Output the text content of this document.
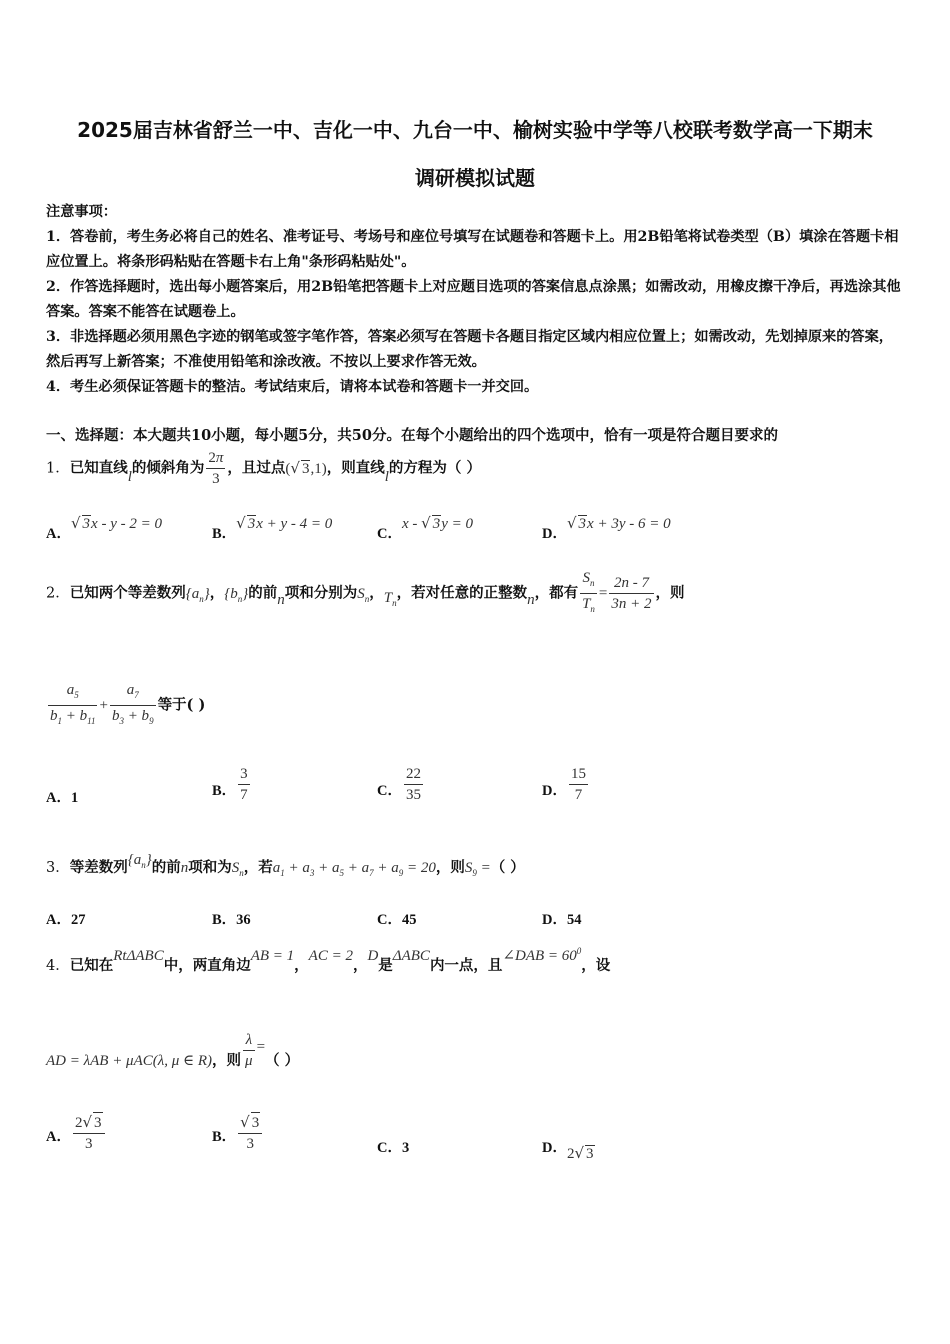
2025届吉林省舒兰一中、吉化一中、九台一中、榆树实验中学等八校联考数学高一下期末
调研模拟试题

注意事项：

1．答卷前，考生务必将自己的姓名、准考证号、考场号和座位号填写在试题卷和答题卡上。用2B铅笔将试卷类型（B）填涂在答题卡相应位置上。将条形码粘贴在答题卡右上角"条形码粘贴处"。

2．作答选择题时，选出每小题答案后，用2B铅笔把答题卡上对应题目选项的答案信息点涂黑；如需改动，用橡皮擦干净后，再选涂其他答案。答案不能答在试题卷上。

3．非选择题必须用黑色字迹的钢笔或签字笔作答，答案必须写在答题卡各题目指定区域内相应位置上；如需改动，先划掉原来的答案，然后再写上新答案；不准使用铅笔和涂改液。不按以上要求作答无效。

4．考生必须保证答题卡的整洁。考试结束后，请将本试卷和答题卡一并交回。

一、选择题：本大题共10小题，每小题5分，共50分。在每个小题给出的四个选项中，恰有一项是符合题目要求的
1．已知直线l的倾斜角为 $\frac{2\pi}{3}$ ，且过点(√ 3,1)，则直线l的方程为（ ）
A．√ 3x - y - 2 = 0
B．√ 3x + y - 4 = 0
C．x - √ 3y = 0
D．√ 3x + 3y - 6 = 0
2．已知两个等差数列$\{a_n\}$，$\{b_n\}$的前n项和分别为$S_n$，$T_n$，若对任意的正整数n，都有 $\frac{S_n}{T_n} = \frac{2n - 7}{3n + 2}$ ，则
$\frac{a_5}{b_1 + b_{11}} + \frac{a_7}{b_3 + b_9}$ 等于( )
A．1	B． $\frac{3}{7}$	C． $\frac{22}{35}$	D． $\frac{15}{7}$
3．等差数列$\{a_n\}$的前n项和为$S_n$，若$a_1 + a_3 + a_5 + a_7 + a_9 = 20$，则$S_9$ =（ ）
A．27	B．36	C．45	D．54
4．已知在RtΔABC中，两直角边AB = 1，AC = 2，D是ΔABC内一点，且∠DAB = $60^0$，设
AD = λAB + μAC(λ, μ ∈ R)，则 $\frac{\lambda}{\mu}$ =（ ）
A． $\frac{2√ 3}{3}$	B． $\frac{√ 3}{3}$	C．3	D．2√ 3
